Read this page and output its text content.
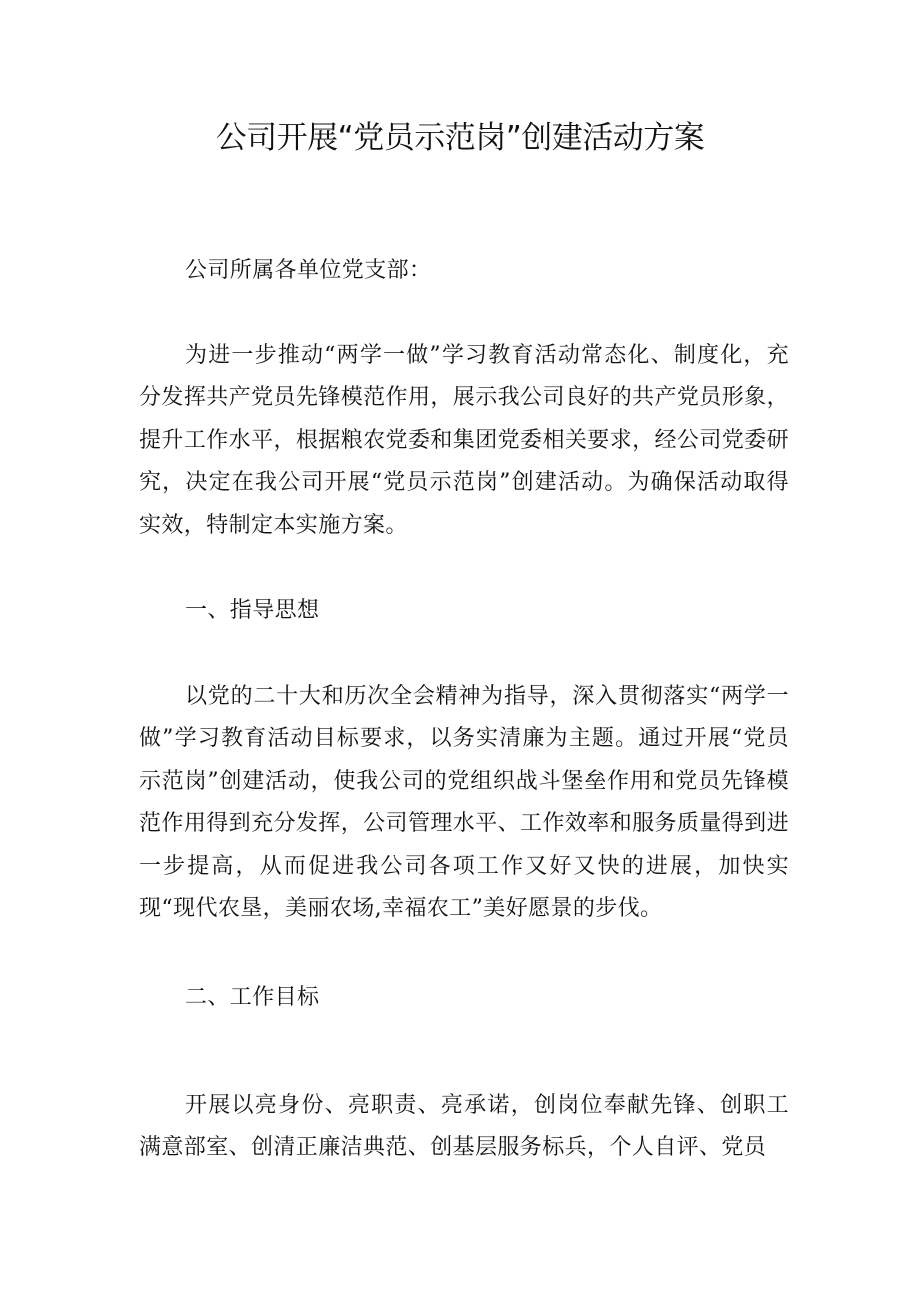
公司开展“党员示范岗”创建活动方案

公司所属各单位党支部：

为进一步推动“两学一做”学习教育活动常态化、制度化，充分发挥共产党员先锋模范作用，展示我公司良好的共产党员形象，提升工作水平，根据粮农党委和集团党委相关要求，经公司党委研究，决定在我公司开展“党员示范岗”创建活动。为确保活动取得实效，特制定本实施方案。

一、指导思想

以党的二十大和历次全会精神为指导，深入贯彻落实“两学一做”学习教育活动目标要求，以务实清廉为主题。通过开展“党员示范岗”创建活动，使我公司的党组织战斗堡垒作用和党员先锋模范作用得到充分发挥，公司管理水平、工作效率和服务质量得到进一步提高，从而促进我公司各项工作又好又快的进展，加快实现“现代农垦，美丽农场,幸福农工”美好愿景的步伐。

二、工作目标

开展以亮身份、亮职责、亮承诺，创岗位奉献先锋、创职工满意部室、创清正廉洁典范、创基层服务标兵，个人自评、党员
